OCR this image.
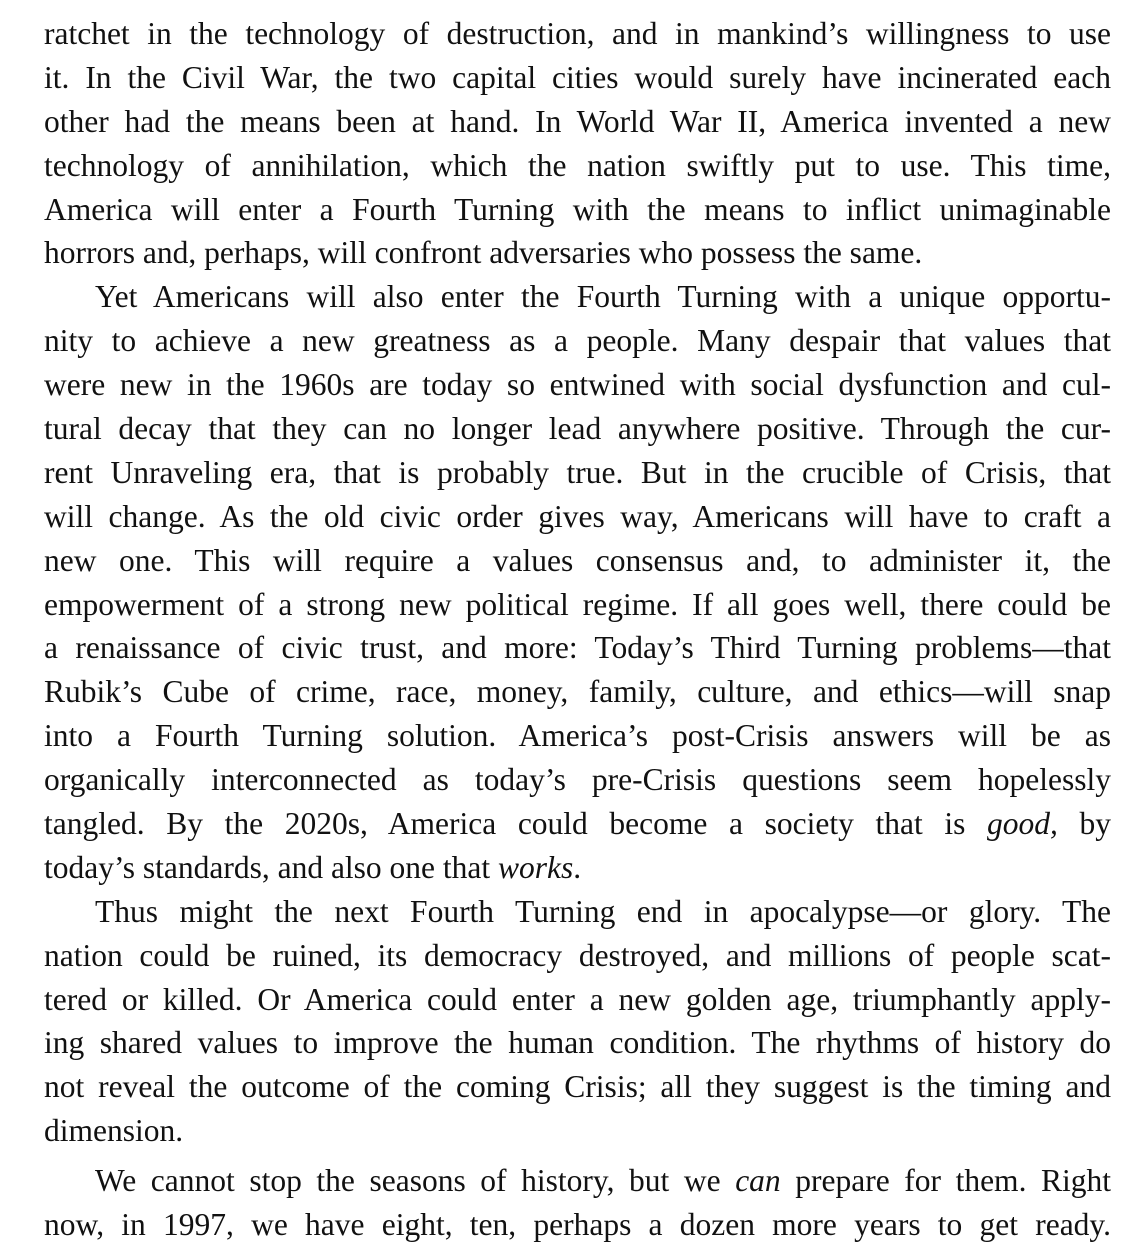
ratchet in the technology of destruction, and in mankind’s willingness to use
it. In the Civil War, the two capital cities would surely have incinerated each
other had the means been at hand. In World War II, America invented a new
technology of annihilation, which the nation swiftly put to use. This time,
America will enter a Fourth Turning with the means to inflict unimaginable
horrors and, perhaps, will confront adversaries who possess the same.
Yet Americans will also enter the Fourth Turning with a unique opportu-
nity to achieve a new greatness as a people. Many despair that values that
were new in the 1960s are today so entwined with social dysfunction and cul-
tural decay that they can no longer lead anywhere positive. Through the cur-
rent Unraveling era, that is probably true. But in the crucible of Crisis, that
will change. As the old civic order gives way, Americans will have to craft a
new one. This will require a values consensus and, to administer it, the
empowerment of a strong new political regime. If all goes well, there could be
a renaissance of civic trust, and more: Today’s Third Turning problems—that
Rubik’s Cube of crime, race, money, family, culture, and ethics—will snap
into a Fourth Turning solution. America’s post-Crisis answers will be as
organically interconnected as today’s pre-Crisis questions seem hopelessly
tangled. By the 2020s, America could become a society that is good, by
today’s standards, and also one that works.
Thus might the next Fourth Turning end in apocalypse—or glory. The
nation could be ruined, its democracy destroyed, and millions of people scat-
tered or killed. Or America could enter a new golden age, triumphantly apply-
ing shared values to improve the human condition. The rhythms of history do
not reveal the outcome of the coming Crisis; all they suggest is the timing and
dimension.
We cannot stop the seasons of history, but we can prepare for them. Right
now, in 1997, we have eight, ten, perhaps a dozen more years to get ready.
